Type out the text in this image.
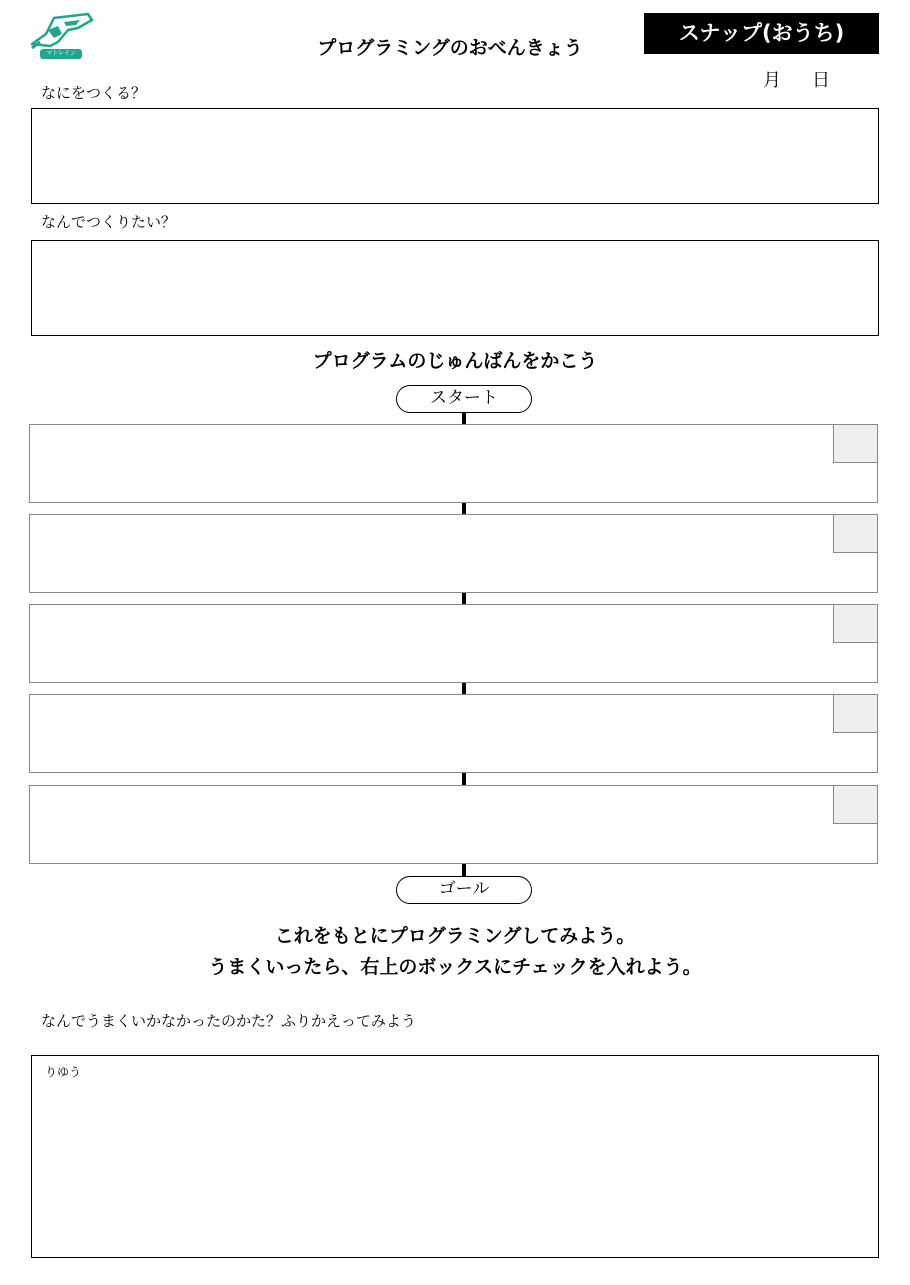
マトレイン	プログラミングのおべんきょう
スナップ(おうち)
月 日
なにをつくる？
なんでつくりたい？
プログラムのじゅんばんをかこう
スタート
ゴール
これをもとにプログラミングしてみよう。
うまくいったら、右上のボックスにチェックを入れよう。
なんでうまくいかなかったのかた？ふりかえってみよう
りゆう
